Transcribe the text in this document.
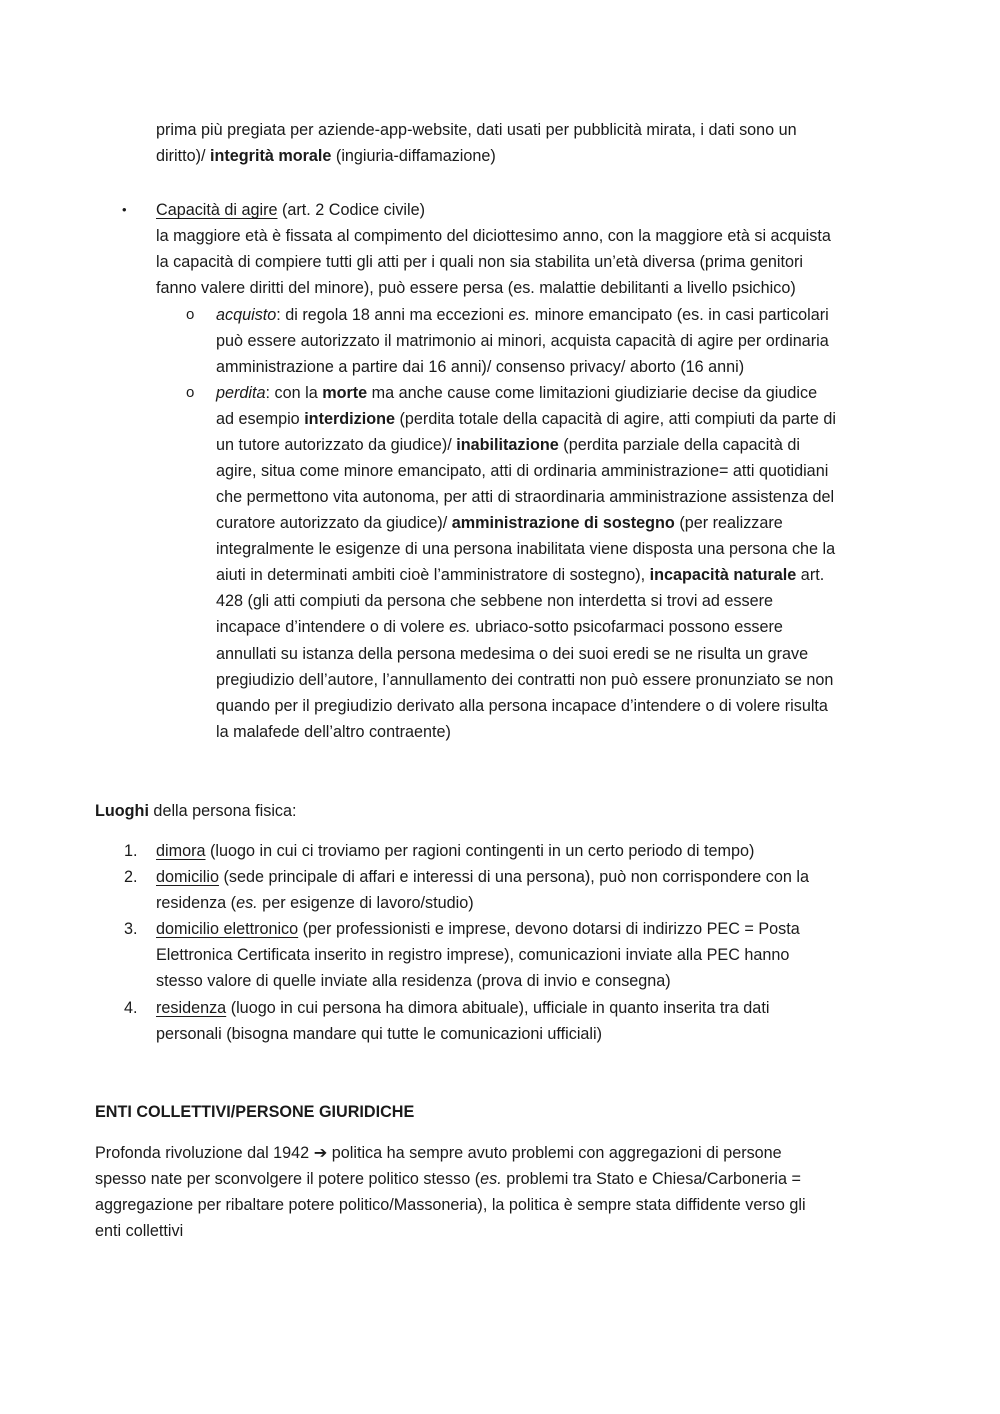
prima più pregiata per aziende-app-website, dati usati per pubblicità mirata, i dati sono un
diritto)/ integrità morale (ingiuria-diffamazione)
• Capacità di agire (art. 2 Codice civile)
la maggiore età è fissata al compimento del diciottesimo anno, con la maggiore età si acquista
la capacità di compiere tutti gli atti per i quali non sia stabilita un’età diversa (prima genitori
fanno valere diritti del minore), può essere persa (es. malattie debilitanti a livello psichico)
o acquisto: di regola 18 anni ma eccezioni es. minore emancipato (es. in casi particolari
può essere autorizzato il matrimonio ai minori, acquista capacità di agire per ordinaria
amministrazione a partire dai 16 anni)/ consenso privacy/ aborto (16 anni)
o perdita: con la morte ma anche cause come limitazioni giudiziarie decise da giudice
ad esempio interdizione (perdita totale della capacità di agire, atti compiuti da parte di
un tutore autorizzato da giudice)/ inabilitazione (perdita parziale della capacità di
agire, situa come minore emancipato, atti di ordinaria amministrazione= atti quotidiani
che permettono vita autonoma, per atti di straordinaria amministrazione assistenza del
curatore autorizzato da giudice)/ amministrazione di sostegno (per realizzare
integralmente le esigenze di una persona inabilitata viene disposta una persona che la
aiuti in determinati ambiti cioè l’amministratore di sostegno), incapacità naturale art.
428 (gli atti compiuti da persona che sebbene non interdetta si trovi ad essere
incapace d’intendere o di volere es. ubriaco-sotto psicofarmaci possono essere
annullati su istanza della persona medesima o dei suoi eredi se ne risulta un grave
pregiudizio dell’autore, l’annullamento dei contratti non può essere pronunziato se non
quando per il pregiudizio derivato alla persona incapace d’intendere o di volere risulta
la malafede dell’altro contraente)
Luoghi della persona fisica:
1. dimora (luogo in cui ci troviamo per ragioni contingenti in un certo periodo di tempo)
2. domicilio (sede principale di affari e interessi di una persona), può non corrispondere con la
residenza (es. per esigenze di lavoro/studio)
3. domicilio elettronico (per professionisti e imprese, devono dotarsi di indirizzo PEC = Posta
Elettronica Certificata inserito in registro imprese), comunicazioni inviate alla PEC hanno
stesso valore di quelle inviate alla residenza (prova di invio e consegna)
4. residenza (luogo in cui persona ha dimora abituale), ufficiale in quanto inserita tra dati
personali (bisogna mandare qui tutte le comunicazioni ufficiali)
ENTI COLLETTIVI/PERSONE GIURIDICHE
Profonda rivoluzione dal 1942 ➔ politica ha sempre avuto problemi con aggregazioni di persone
spesso nate per sconvolgere il potere politico stesso (es. problemi tra Stato e Chiesa/Carboneria =
aggregazione per ribaltare potere politico/Massoneria), la politica è sempre stata diffidente verso gli
enti collettivi
